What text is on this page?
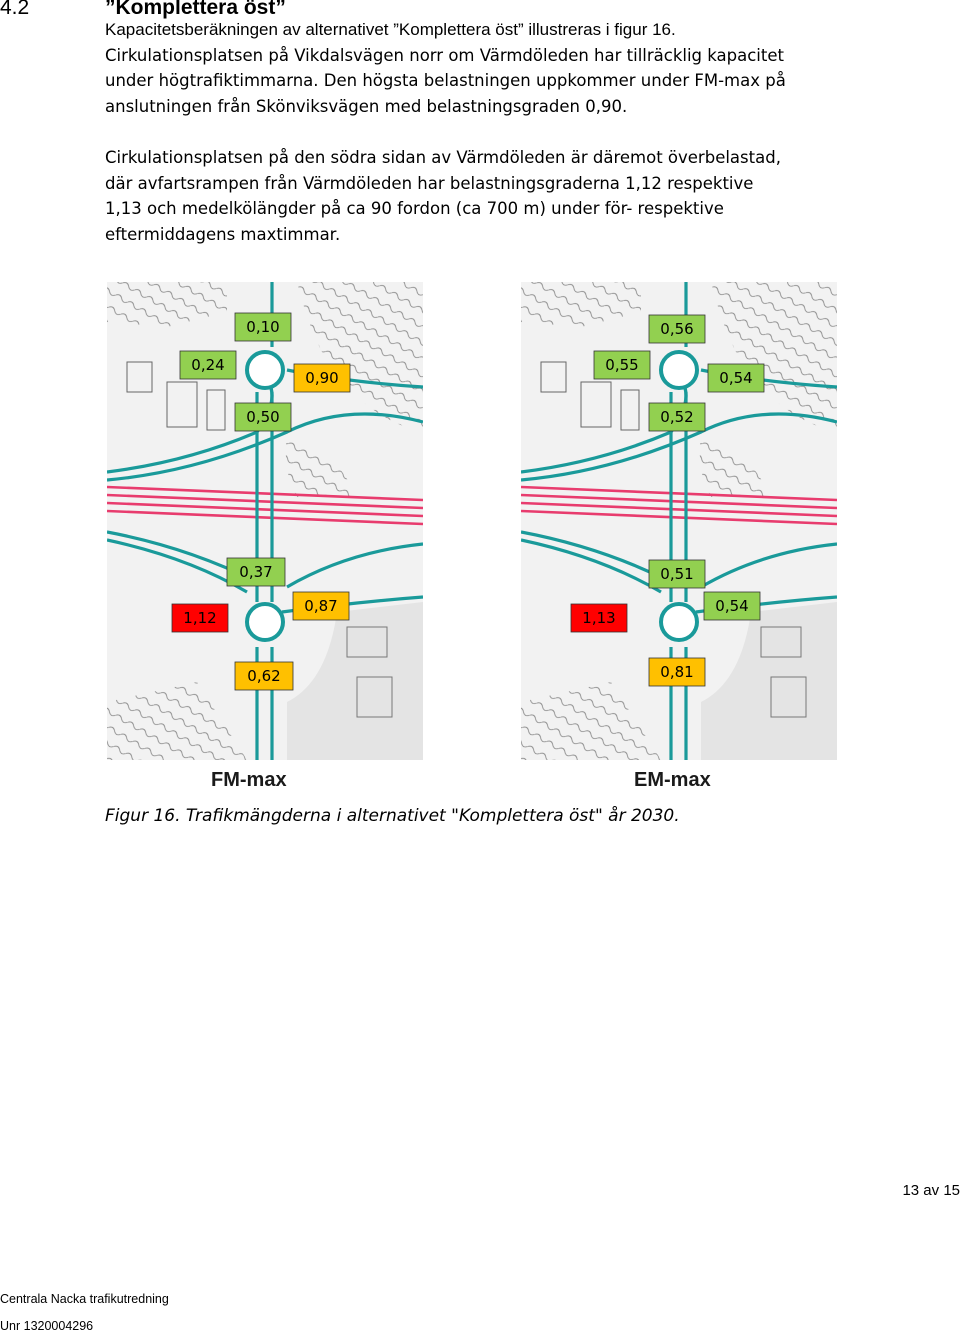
4.2	”Komplettera öst”
Kapacitetsberäkningen av alternativet ”Komplettera öst” illustreras i figur 16.
Cirkulationsplatsen på Vikdalsvägen norr om Värmdöleden har tillräcklig kapacitet
under högtrafiktimmarna. Den högsta belastningen uppkommer under FM-max på
anslutningen från Skönviksvägen med belastningsgraden 0,90.
Cirkulationsplatsen på den södra sidan av Värmdöleden är däremot överbelastad,
där avfartsrampen från Värmdöleden har belastningsgraderna 1,12 respektive
1,13 och medelkölängder på ca 90 fordon (ca 700 m) under för- respektive
eftermiddagens maxtimmar.
0,10
0,24
0,90
0,50
0,37
1,12
0,87
0,62
0,56
0,55
0,54
0,52
0,51
1,13
0,54
0,81
FM-max	EM-max
Figur 16. Trafikmängderna i alternativet "Komplettera öst" år 2030.
13 av 15
Centrala Nacka trafikutredning
Unr 1320004296
